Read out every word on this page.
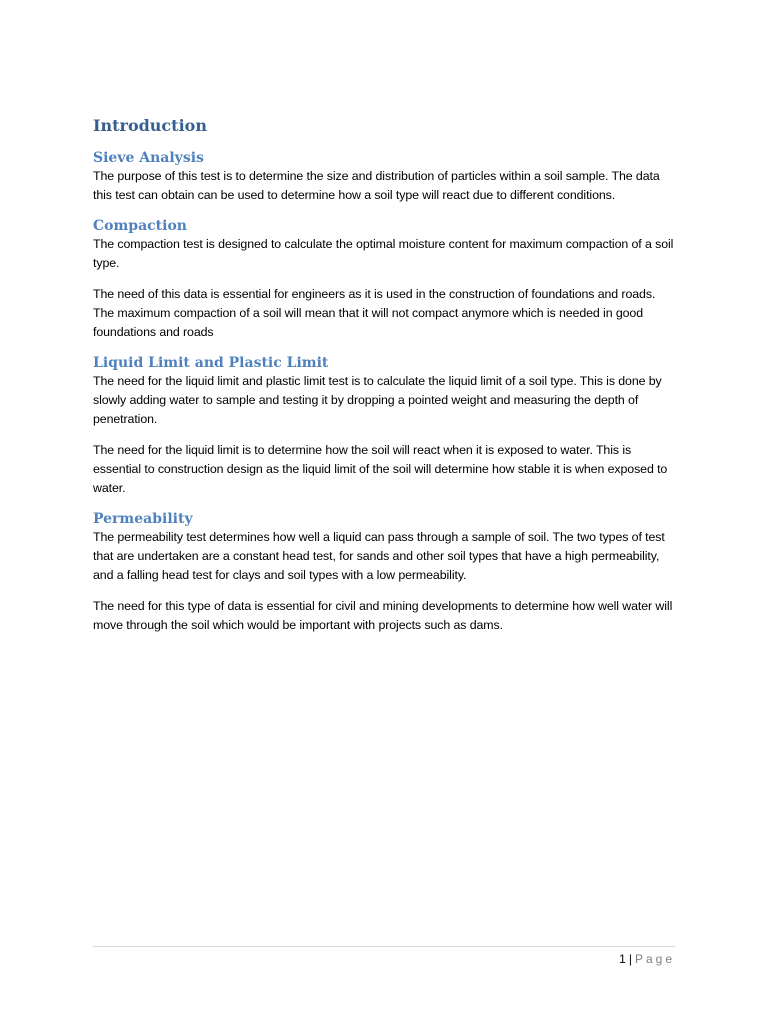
Introduction
Sieve Analysis

The purpose of this test is to determine the size and distribution of particles within a soil sample. The data this test can obtain can be used to determine how a soil type will react due to different conditions.

Compaction

The compaction test is designed to calculate the optimal moisture content for maximum compaction of a soil type.

The need of this data is essential for engineers as it is used in the construction of foundations and roads. The maximum compaction of a soil will mean that it will not compact anymore which is needed in good foundations and roads

Liquid Limit and Plastic Limit

The need for the liquid limit and plastic limit test is to calculate the liquid limit of a soil type. This is done by slowly adding water to sample and testing it by dropping a pointed weight and measuring the depth of penetration.

The need for the liquid limit is to determine how the soil will react when it is exposed to water. This is essential to construction design as the liquid limit of the soil will determine how stable it is when exposed to water.

Permeability

The permeability test determines how well a liquid can pass through a sample of soil. The two types of test that are undertaken are a constant head test, for sands and other soil types that have a high permeability, and a falling head test for clays and soil types with a low permeability.

The need for this type of data is essential for civil and mining developments to determine how well water will move through the soil which would be important with projects such as dams.

1 | Page
